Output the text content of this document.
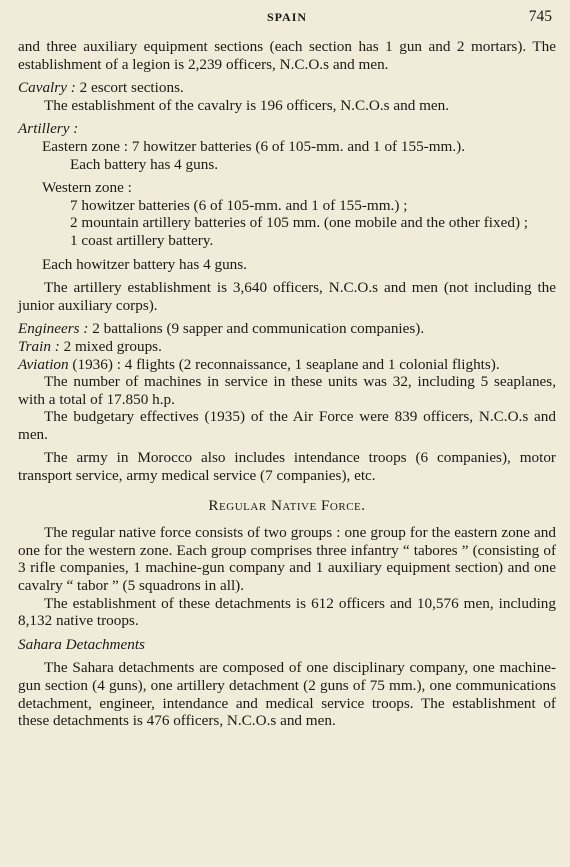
SPAIN	745

and three auxiliary equipment sections (each section has 1 gun and 2 mortars). The establishment of a legion is 2,239 officers, N.C.O.s and men.

Cavalry : 2 escort sections.

The establishment of the cavalry is 196 officers, N.C.O.s and men.

Artillery :

Eastern zone : 7 howitzer batteries (6 of 105-mm. and 1 of 155-mm.).

Each battery has 4 guns.

Western zone :

7 howitzer batteries (6 of 105-mm. and 1 of 155-mm.) ;

2 mountain artillery batteries of 105 mm. (one mobile and the other fixed) ;

1 coast artillery battery.

Each howitzer battery has 4 guns.

The artillery establishment is 3,640 officers, N.C.O.s and men (not including the junior auxiliary corps).

Engineers : 2 battalions (9 sapper and communication companies).

Train : 2 mixed groups.

Aviation (1936) : 4 flights (2 reconnaissance, 1 seaplane and 1 colonial flights).

The number of machines in service in these units was 32, including 5 seaplanes, with a total of 17.850 h.p.

The budgetary effectives (1935) of the Air Force were 839 officers, N.C.O.s and men.

The army in Morocco also includes intendance troops (6 companies), motor transport service, army medical service (7 companies), etc.

Regular Native Force.

The regular native force consists of two groups : one group for the eastern zone and one for the western zone. Each group comprises three infantry “ tabores ” (consisting of 3 rifle companies, 1 machine-gun company and 1 auxiliary equipment section) and one cavalry “ tabor ” (5 squadrons in all).

The establishment of these detachments is 612 officers and 10,576 men, including 8,132 native troops.

Sahara Detachments

The Sahara detachments are composed of one disciplinary company, one machine-gun section (4 guns), one artillery detachment (2 guns of 75 mm.), one communications detachment, engineer, intendance and medical service troops. The establishment of these detachments is 476 officers, N.C.O.s and men.
